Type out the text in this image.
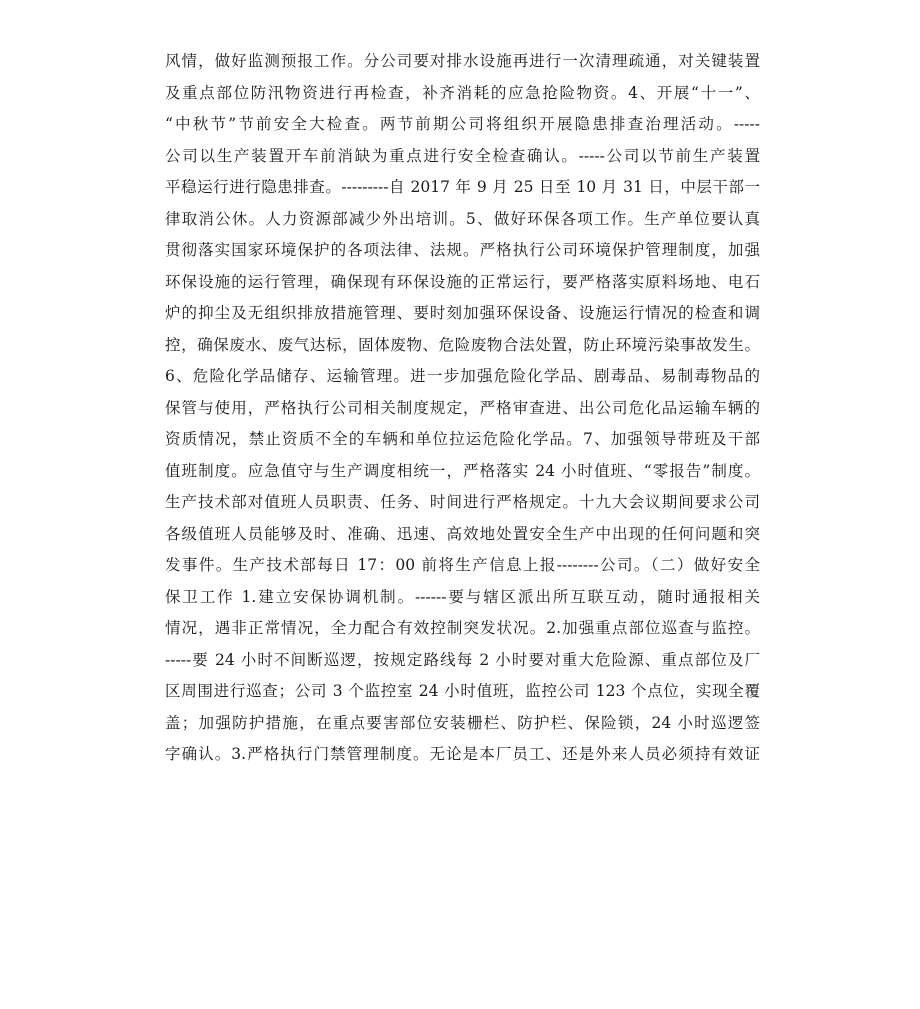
风情，做好监测预报工作。分公司要对排水设施再进行一次清理疏通，对关键装置
及重点部位防汛物资进行再检查，补齐消耗的应急抢险物资。4、开展“十一”、
“中秋节”节前安全大检查。两节前期公司将组织开展隐患排查治理活动。-----
公司以生产装置开车前消缺为重点进行安全检查确认。-----公司以节前生产装置
平稳运行进行隐患排查。---------自 2017 年 9 月 25 日至 10 月 31 日，中层干部一
律取消公休。人力资源部减少外出培训。5、做好环保各项工作。生产单位要认真
贯彻落实国家环境保护的各项法律、法规。严格执行公司环境保护管理制度，加强
环保设施的运行管理，确保现有环保设施的正常运行，要严格落实原料场地、电石
炉的抑尘及无组织排放措施管理、要时刻加强环保设备、设施运行情况的检查和调
控，确保废水、废气达标，固体废物、危险废物合法处置，防止环境污染事故发生。
6、危险化学品储存、运输管理。进一步加强危险化学品、剧毒品、易制毒物品的
保管与使用，严格执行公司相关制度规定，严格审查进、出公司危化品运输车辆的
资质情况，禁止资质不全的车辆和单位拉运危险化学品。7、加强领导带班及干部
值班制度。应急值守与生产调度相统一，严格落实 24 小时值班、“零报告”制度。
生产技术部对值班人员职责、任务、时间进行严格规定。十九大会议期间要求公司
各级值班人员能够及时、准确、迅速、高效地处置安全生产中出现的任何问题和突
发事件。生产技术部每日 17：00 前将生产信息上报--------公司。（二）做好安全
保卫工作 1.建立安保协调机制。------要与辖区派出所互联互动，随时通报相关
情况，遇非正常情况，全力配合有效控制突发状况。2.加强重点部位巡查与监控。
-----要 24 小时不间断巡逻，按规定路线每 2 小时要对重大危险源、重点部位及厂
区周围进行巡查；公司 3 个监控室 24 小时值班，监控公司 123 个点位，实现全覆
盖；加强防护措施，在重点要害部位安装栅栏、防护栏、保险锁，24 小时巡逻签
字确认。3.严格执行门禁管理制度。无论是本厂员工、还是外来人员必须持有效证
